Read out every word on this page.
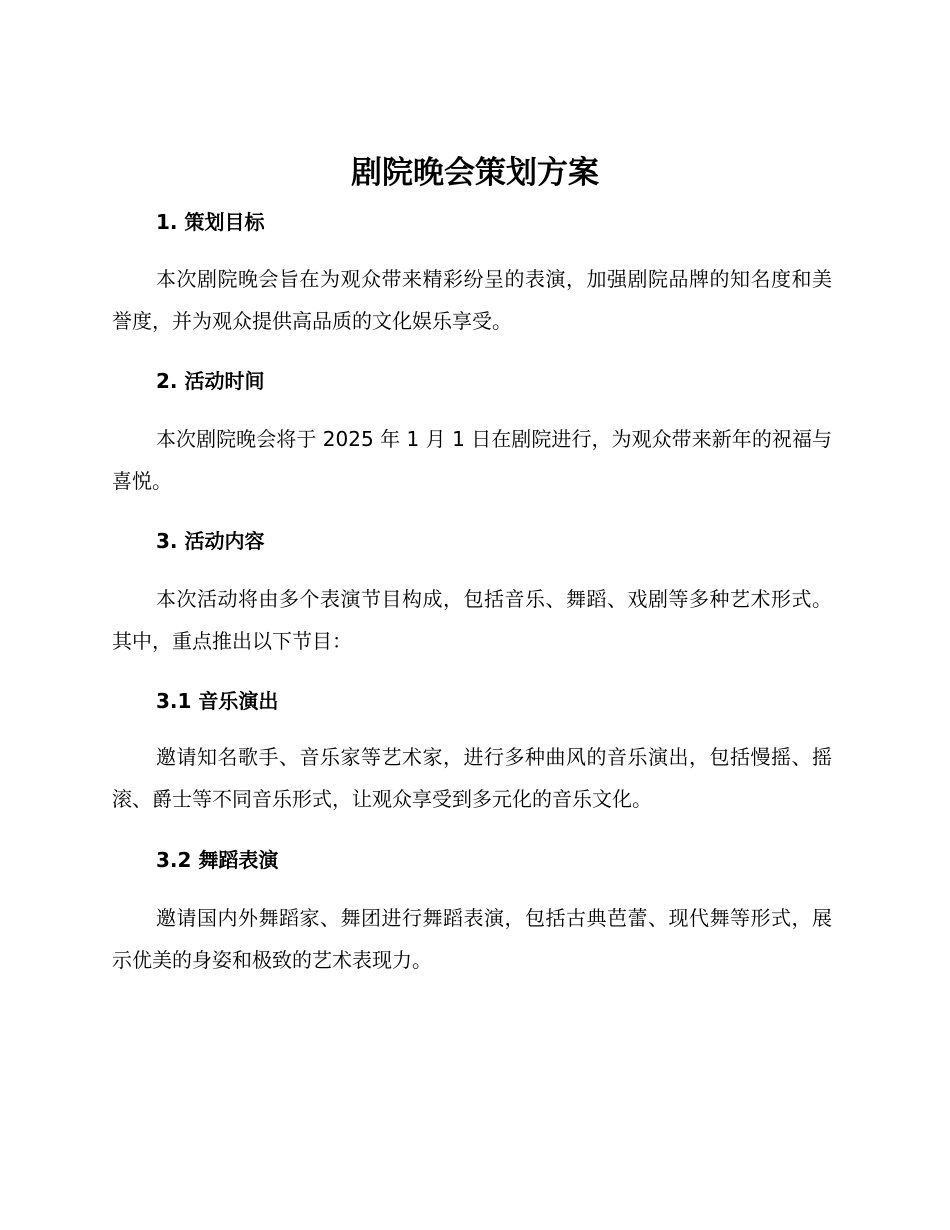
剧院晚会策划方案
1. 策划目标

本次剧院晚会旨在为观众带来精彩纷呈的表演，加强剧院品牌的知名度和美誉度，并为观众提供高品质的文化娱乐享受。

2. 活动时间

本次剧院晚会将于 2025 年 1 月 1 日在剧院进行，为观众带来新年的祝福与喜悦。

3. 活动内容

本次活动将由多个表演节目构成，包括音乐、舞蹈、戏剧等多种艺术形式。其中，重点推出以下节目：

3.1 音乐演出

邀请知名歌手、音乐家等艺术家，进行多种曲风的音乐演出，包括慢摇、摇滚、爵士等不同音乐形式，让观众享受到多元化的音乐文化。

3.2 舞蹈表演

邀请国内外舞蹈家、舞团进行舞蹈表演，包括古典芭蕾、现代舞等形式，展示优美的身姿和极致的艺术表现力。
